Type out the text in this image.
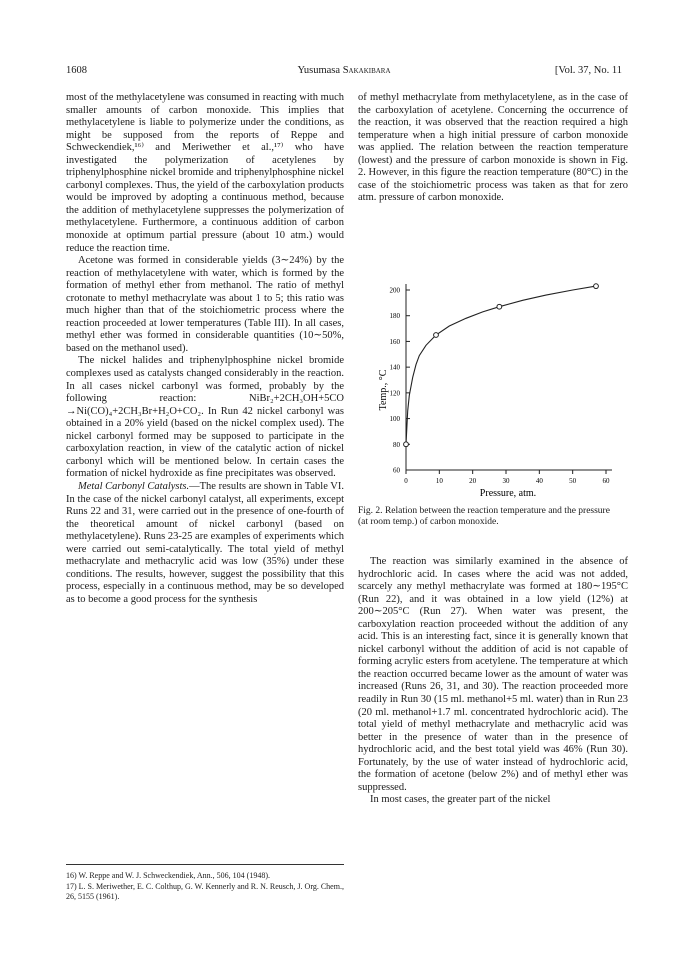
1608	Yusumasa Sakakibara	[Vol. 37, No. 11

most of the methylacetylene was consumed in reacting with much smaller amounts of carbon monoxide. This implies that methylacetylene is liable to polymerize under the conditions, as might be supposed from the reports of Reppe and Schweckendiek,¹⁶⁾ and Meriwether et al.,¹⁷⁾ who have investigated the polymerization of acetylenes by triphenylphosphine nickel bromide and triphenylphosphine nickel carbonyl complexes. Thus, the yield of the carboxylation products would be improved by adopting a continuous method, because the addition of methylacetylene suppresses the polymerization of methylacetylene. Furthermore, a continuous addition of carbon monoxide at optimum partial pressure (about 10 atm.) would reduce the reaction time.

Acetone was formed in considerable yields (3∼24%) by the reaction of methylacetylene with water, which is formed by the formation of methyl ether from methanol. The ratio of methyl crotonate to methyl methacrylate was about 1 to 5; this ratio was much higher than that of the stoichiometric process where the reaction proceeded at lower temperatures (Table III). In all cases, methyl ether was formed in considerable quantities (10∼50%, based on the methanol used).

The nickel halides and triphenylphosphine nickel bromide complexes used as catalysts changed considerably in the reaction. In all cases nickel carbonyl was formed, probably by the following reaction: NiBr₂+2CH₃OH+5CO →Ni(CO)₄+2CH₃Br+H₂O+CO₂. In Run 42 nickel carbonyl was obtained in a 20% yield (based on the nickel complex used). The nickel carbonyl formed may be supposed to participate in the carboxylation reaction, in view of the catalytic action of nickel carbonyl which will be mentioned below. In certain cases the formation of nickel hydroxide as fine precipitates was observed.

Metal Carbonyl Catalysts.—The results are shown in Table VI. In the case of the nickel carbonyl catalyst, all experiments, except Runs 22 and 31, were carried out in the presence of one-fourth of the theoretical amount of nickel carbonyl (based on methylacetylene). Runs 23-25 are examples of experiments which were carried out semi-catalytically. The total yield of methyl methacrylate and methacrylic acid was low (35%) under these conditions. The results, however, suggest the possibility that this process, especially in a continuous method, may be so developed as to become a good process for the synthesis

16) W. Reppe and W. J. Schweckendiek, Ann., 506, 104 (1948).
17) L. S. Meriwether, E. C. Colthup, G. W. Kennerly and R. N. Reusch, J. Org. Chem., 26, 5155 (1961).

of methyl methacrylate from methylacetylene, as in the case of the carboxylation of acetylene. Concerning the occurrence of the reaction, it was observed that the reaction required a high temperature when a high initial pressure of carbon monoxide was applied. The relation between the reaction temperature (lowest) and the pressure of carbon monoxide is shown in Fig. 2. However, in this figure the reaction temperature (80°C) in the case of the stoichiometric process was taken as that for zero atm. pressure of carbon monoxide.

0	10	20	30	40	50	60
60
80
100
120
140
160
180
200
Pressure, atm.
Temp., °C
Fig. 2. Relation between the reaction temperature and the pressure (at room temp.) of carbon monoxide.

The reaction was similarly examined in the absence of hydrochloric acid. In cases where the acid was not added, scarcely any methyl methacrylate was formed at 180∼195°C (Run 22), and it was obtained in a low yield (12%) at 200∼205°C (Run 27). When water was present, the carboxylation reaction proceeded without the addition of any acid. This is an interesting fact, since it is generally known that nickel carbonyl without the addition of acid is not capable of forming acrylic esters from acetylene. The temperature at which the reaction occurred became lower as the amount of water was increased (Runs 26, 31, and 30). The reaction proceeded more readily in Run 30 (15 ml. methanol+5 ml. water) than in Run 23 (20 ml. methanol+1.7 ml. concentrated hydrochloric acid). The total yield of methyl methacrylate and methacrylic acid was better in the presence of water than in the presence of hydrochloric acid, and the best total yield was 46% (Run 30). Fortunately, by the use of water instead of hydrochloric acid, the formation of acetone (below 2%) and of methyl ether was suppressed.

In most cases, the greater part of the nickel
